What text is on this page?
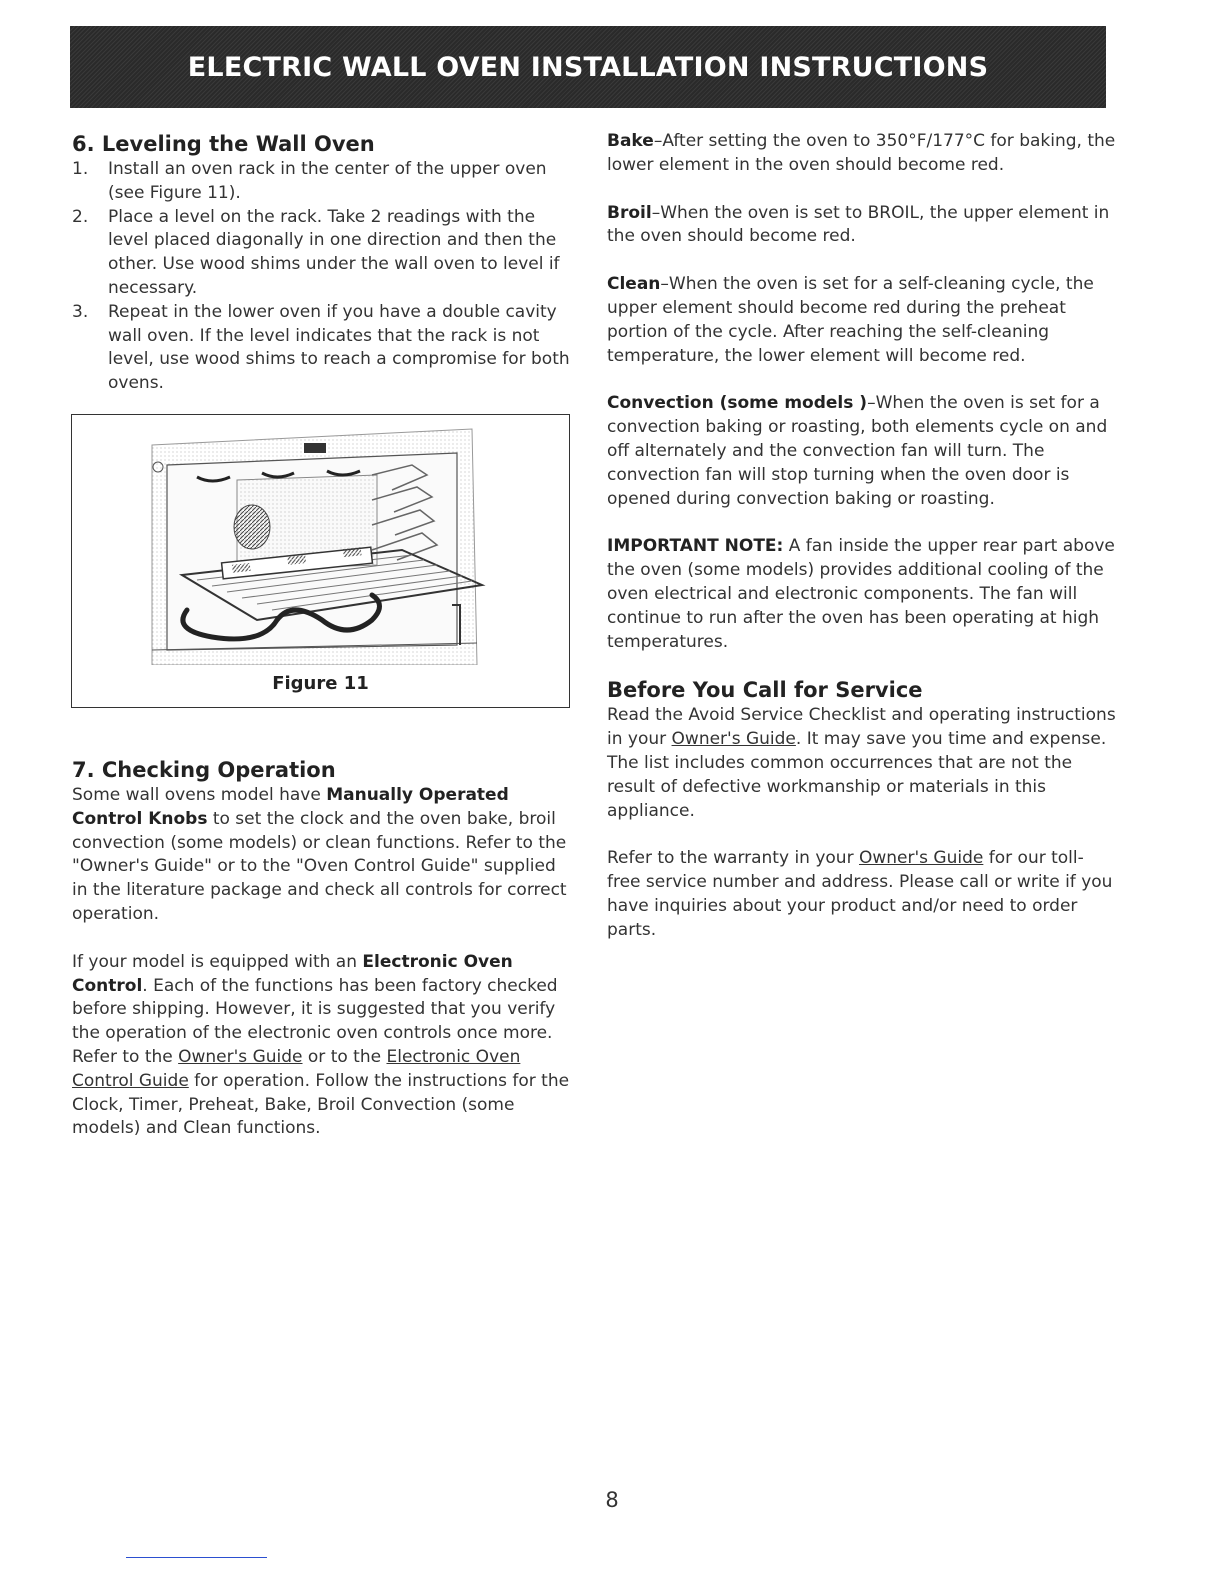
ELECTRIC WALL OVEN INSTALLATION INSTRUCTIONS
6. Leveling the Wall Oven
1.	Install an oven rack in the center of the upper oven (see Figure 11).
2.	Place a level on the rack. Take 2 readings with the level placed diagonally in one direction and then the other. Use wood shims under the wall oven to level if necessary.
3.	Repeat in the lower oven if you have a double cavity wall oven. If the level indicates that the rack is not level, use wood shims to reach a compromise for both ovens.
Figure 11
7. Checking Operation

Some wall ovens model have Manually Operated Control Knobs to set the clock and the oven bake, broil convection (some models) or clean functions. Refer to the "Owner's Guide" or to the "Oven Control Guide" supplied in the literature package and check all controls for correct operation.

If your model is equipped with an Electronic Oven Control. Each of the functions has been factory checked before shipping. However, it is suggested that you verify the operation of the electronic oven controls once more. Refer to the Owner's Guide or to the Electronic Oven Control Guide for operation. Follow the instructions for the Clock, Timer, Preheat, Bake, Broil Convection (some models) and Clean functions.

Bake–After setting the oven to 350°F/177°C for baking, the lower element in the oven should become red.

Broil–When the oven is set to BROIL, the upper element in the oven should become red.

Clean–When the oven is set for a self-cleaning cycle, the upper element should become red during the preheat portion of the cycle. After reaching the self-cleaning temperature, the lower element will become red.

Convection (some models )–When the oven is set for a convection baking or roasting, both elements cycle on and off alternately and the convection fan will turn. The convection fan will stop turning when the oven door is opened during convection baking or roasting.

IMPORTANT NOTE: A fan inside the upper rear part above the oven (some models) provides additional cooling of the oven electrical and electronic components. The fan will continue to run after the oven has been operating at high temperatures.

Before You Call for Service

Read the Avoid Service Checklist and operating instructions in your Owner's Guide. It may save you time and expense. The list includes common occurrences that are not the result of defective workmanship or materials in this appliance.

Refer to the warranty in your Owner's Guide for our toll-free service number and address. Please call or write if you have inquiries about your product and/or need to order parts.

8
